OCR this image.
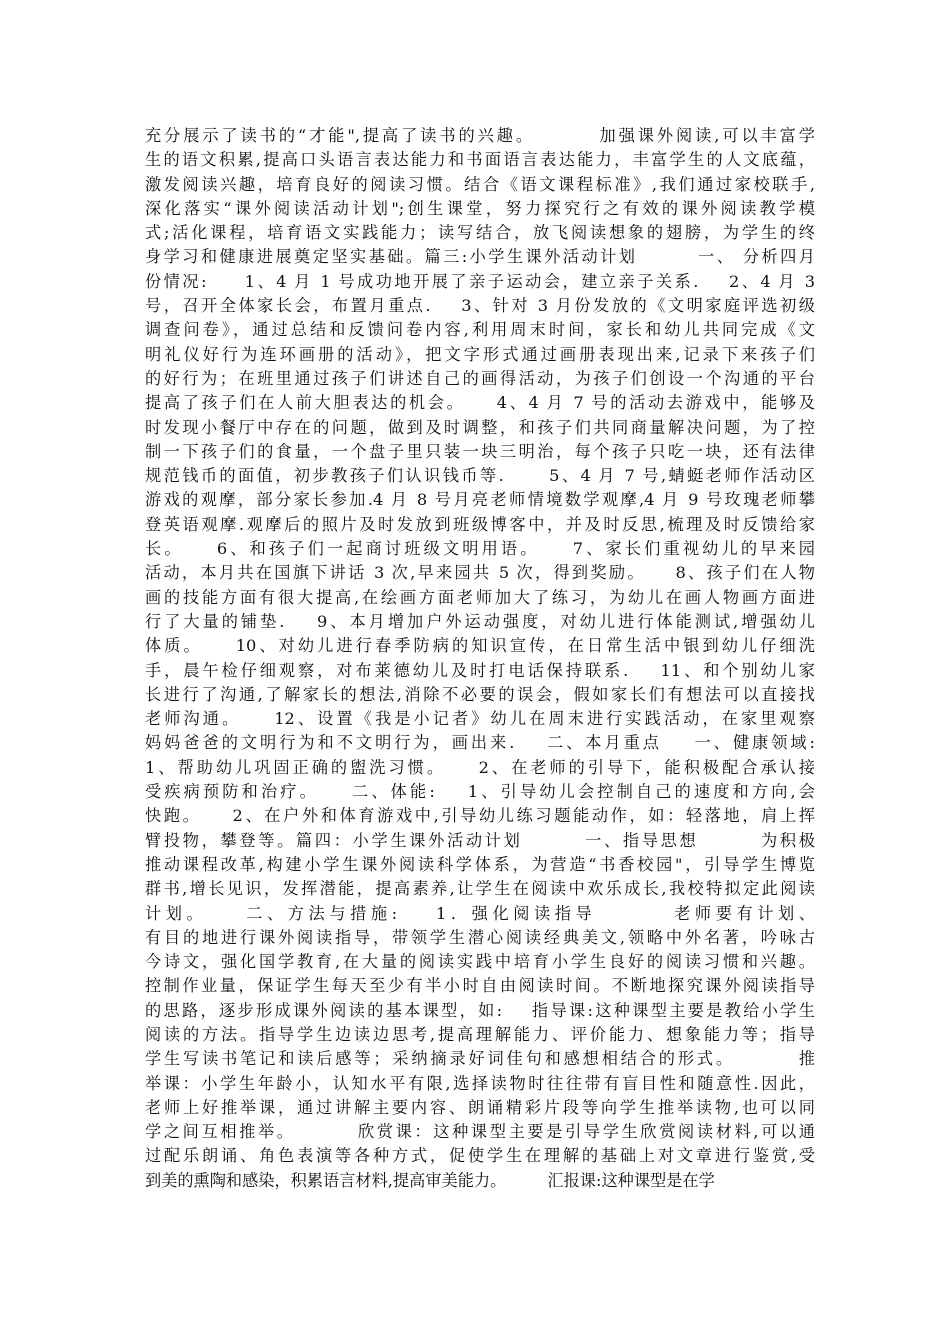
充分展示了读书的“才能",提高了读书的兴趣。        加强课外阅读,可以丰富学
生的语文积累,提高口头语言表达能力和书面语言表达能力，丰富学生的人文底蕴，
激发阅读兴趣，培育良好的阅读习惯。结合《语文课程标准》,我们通过家校联手,
深化落实“课外阅读活动计划";创生课堂，努力探究行之有效的课外阅读教学模
式;活化课程，培育语文实践能力；读写结合，放飞阅读想象的翅膀，为学生的终
身学习和健康进展奠定坚实基础。篇三:小学生课外活动计划        一、 分析四月
份情况:     1、4 月 1 号成功地开展了亲子运动会，建立亲子关系.    2、4 月 3
号，召开全体家长会，布置月重点.    3、针对 3 月份发放的《文明家庭评选初级
调查问卷》，通过总结和反馈问卷内容,利用周末时间，家长和幼儿共同完成《文
明礼仪好行为连环画册的活动》，把文字形式通过画册表现出来,记录下来孩子们
的好行为；在班里通过孩子们讲述自己的画得活动，为孩子们创设一个沟通的平台
提高了孩子们在人前大胆表达的机会。    4、4 月 7 号的活动去游戏中，能够及
时发现小餐厅中存在的问题，做到及时调整，和孩子们共同商量解决问题，为了控
制一下孩子们的食量，一个盘子里只装一块三明治，每个孩子只吃一块，还有法律
规范钱币的面值，初步教孩子们认识钱币等.      5、4 月 7 号,蜻蜓老师作活动区
游戏的观摩，部分家长参加.4 月 8 号月亮老师情境数学观摩,4 月 9 号玫瑰老师攀
登英语观摩.观摩后的照片及时发放到班级博客中，并及时反思,梳理及时反馈给家
长。    6、和孩子们一起商讨班级文明用语。    7、家长们重视幼儿的早来园
活动，本月共在国旗下讲话 3 次,早来园共 5 次，得到奖励。    8、孩子们在人物
画的技能方面有很大提高,在绘画方面老师加大了练习，为幼儿在画人物画方面进
行了大量的铺垫.    9、本月增加户外运动强度，对幼儿进行体能测试,增强幼儿
体质。    10、对幼儿进行春季防病的知识宣传，在日常生活中银到幼儿仔细洗
手，晨午检仔细观察，对布莱德幼儿及时打电话保持联系.    11、和个别幼儿家
长进行了沟通,了解家长的想法,消除不必要的误会，假如家长们有想法可以直接找
老师沟通。    12、设置《我是小记者》幼儿在周末进行实践活动，在家里观察
妈妈爸爸的文明行为和不文明行为，画出来.    二、本月重点    一、健康领域:
1、帮助幼儿巩固正确的盥洗习惯。    2、在老师的引导下，能积极配合承认接
受疾病预防和治疗。    二、体能:    1、引导幼儿会控制自己的速度和方向,会
快跑。    2、在户外和体育游戏中,引导幼儿练习题能动作，如：轻落地，肩上挥
臂投物，攀登等。篇四：小学生课外活动计划        一、指导思想        为积极
推动课程改革,构建小学生课外阅读科学体系，为营造“书香校园"，引导学生博览
群书,增长见识，发挥潜能，提高素养,让学生在阅读中欢乐成长,我校特拟定此阅读
计划。    二、方法与措施:    1．强化阅读指导        老师要有计划、
有目的地进行课外阅读指导，带领学生潜心阅读经典美文,领略中外名著，吟咏古
今诗文，强化国学教育,在大量的阅读实践中培育小学生良好的阅读习惯和兴趣。
控制作业量，保证学生每天至少有半小时自由阅读时间。不断地探究课外阅读指导
的思路，逐步形成课外阅读的基本课型，如:    指导课:这种课型主要是教给小学生
阅读的方法。指导学生边读边思考,提高理解能力、评价能力、想象能力等；指导
学生写读书笔记和读后感等；采纳摘录好词佳句和感想相结合的形式。        推
举课：小学生年龄小，认知水平有限,选择读物时往往带有盲目性和随意性.因此，
老师上好推举课，通过讲解主要内容、朗诵精彩片段等向学生推举读物,也可以同
学之间互相推举。        欣赏课：这种课型主要是引导学生欣赏阅读材料,可以通
过配乐朗诵、角色表演等各种方式，促使学生在理解的基础上对文章进行鉴赏,受
到美的熏陶和感染，积累语言材料,提高审美能力。        汇报课:这种课型是在学
